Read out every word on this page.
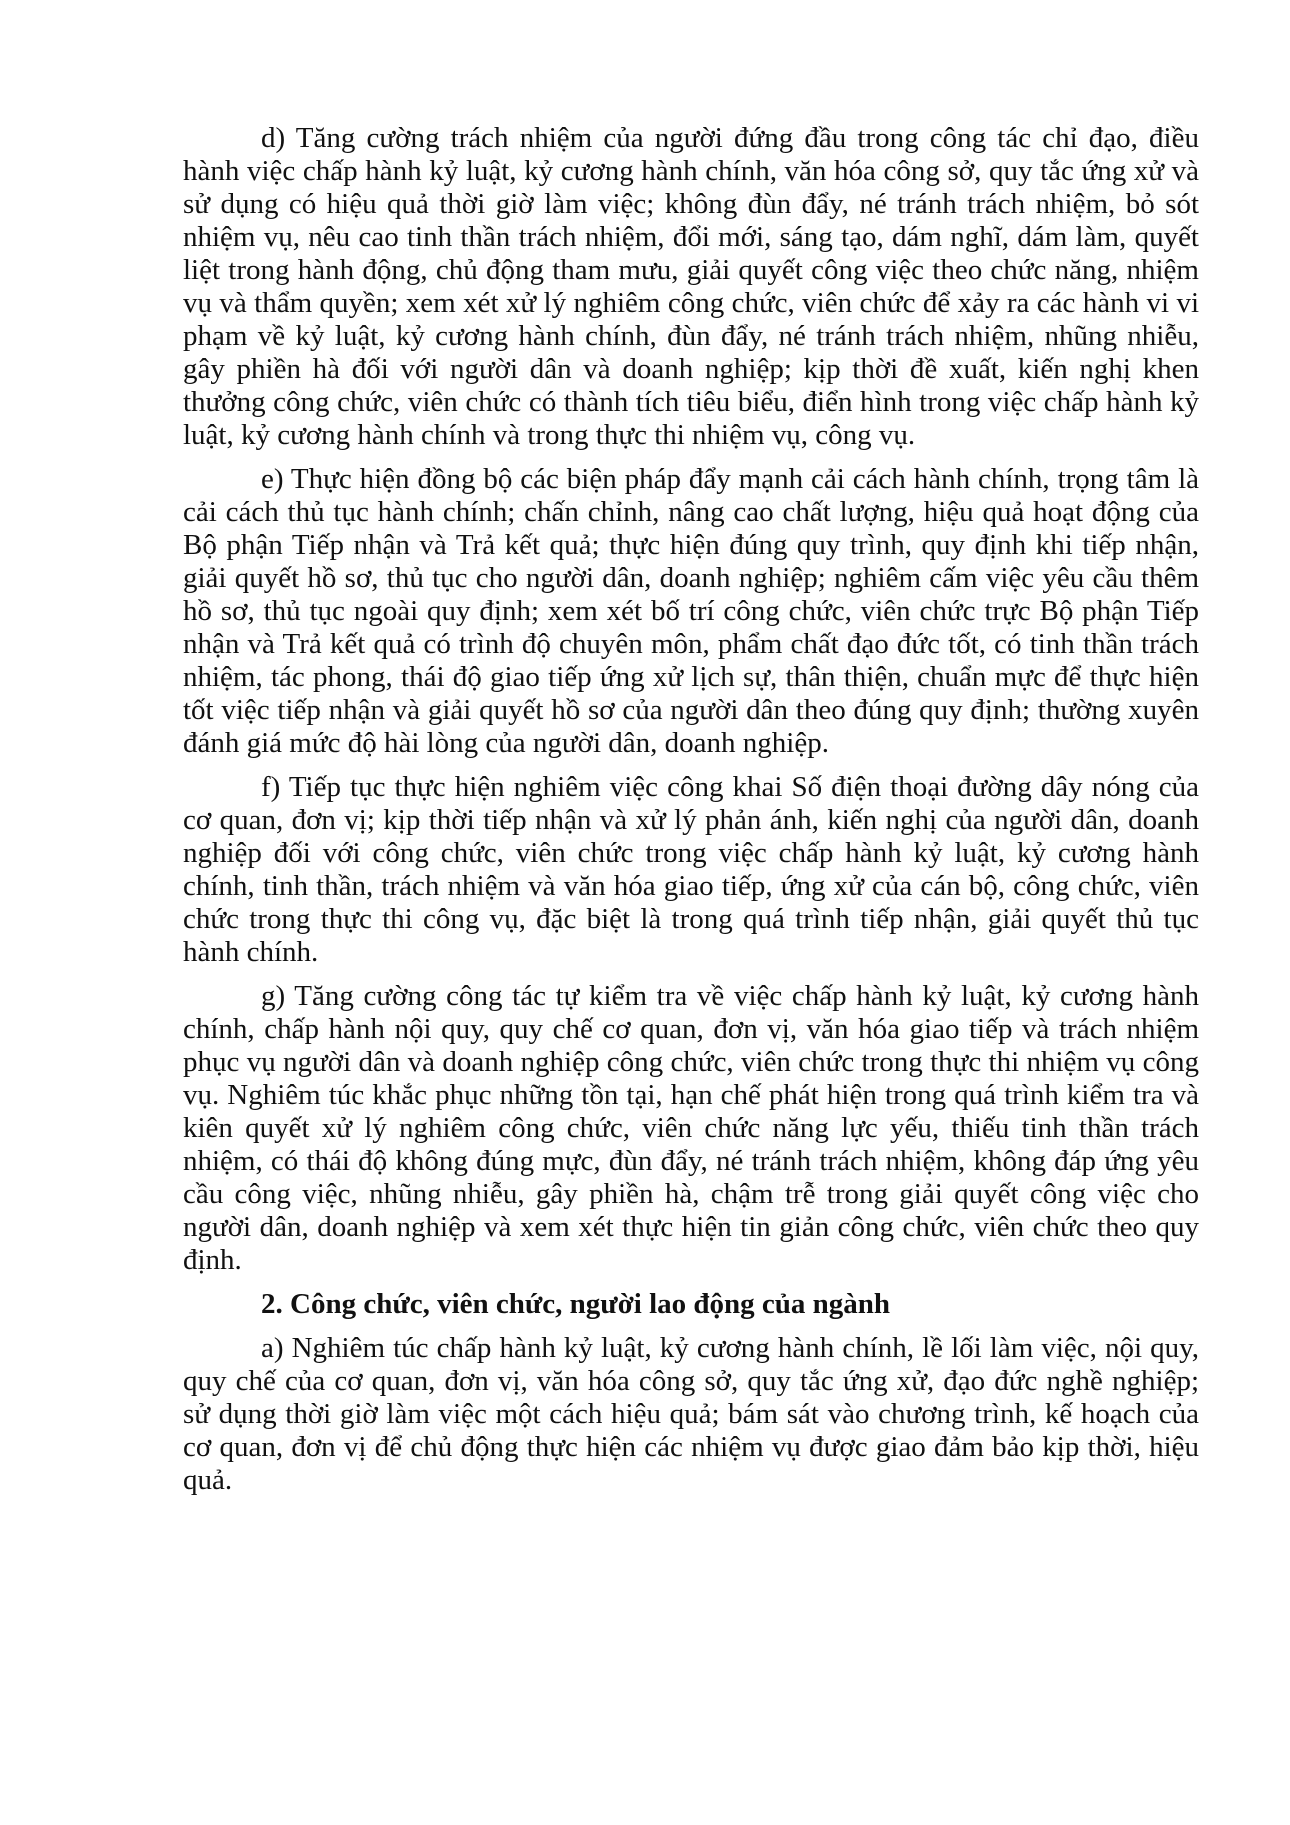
d) Tăng cường trách nhiệm của người đứng đầu trong công tác chỉ đạo, điều hành việc chấp hành kỷ luật, kỷ cương hành chính, văn hóa công sở, quy tắc ứng xử và sử dụng có hiệu quả thời giờ làm việc; không đùn đẩy, né tránh trách nhiệm, bỏ sót nhiệm vụ, nêu cao tinh thần trách nhiệm, đổi mới, sáng tạo, dám nghĩ, dám làm, quyết liệt trong hành động, chủ động tham mưu, giải quyết công việc theo chức năng, nhiệm vụ và thẩm quyền; xem xét xử lý nghiêm công chức, viên chức để xảy ra các hành vi vi phạm về kỷ luật, kỷ cương hành chính, đùn đẩy, né tránh trách nhiệm, nhũng nhiễu, gây phiền hà đối với người dân và doanh nghiệp; kịp thời đề xuất, kiến nghị khen thưởng công chức, viên chức có thành tích tiêu biểu, điển hình trong việc chấp hành kỷ luật, kỷ cương hành chính và trong thực thi nhiệm vụ, công vụ.

e) Thực hiện đồng bộ các biện pháp đẩy mạnh cải cách hành chính, trọng tâm là cải cách thủ tục hành chính; chấn chỉnh, nâng cao chất lượng, hiệu quả hoạt động của Bộ phận Tiếp nhận và Trả kết quả; thực hiện đúng quy trình, quy định khi tiếp nhận, giải quyết hồ sơ, thủ tục cho người dân, doanh nghiệp; nghiêm cấm việc yêu cầu thêm hồ sơ, thủ tục ngoài quy định; xem xét bố trí công chức, viên chức trực Bộ phận Tiếp nhận và Trả kết quả có trình độ chuyên môn, phẩm chất đạo đức tốt, có tinh thần trách nhiệm, tác phong, thái độ giao tiếp ứng xử lịch sự, thân thiện, chuẩn mực để thực hiện tốt việc tiếp nhận và giải quyết hồ sơ của người dân theo đúng quy định; thường xuyên đánh giá mức độ hài lòng của người dân, doanh nghiệp.

f) Tiếp tục thực hiện nghiêm việc công khai Số điện thoại đường dây nóng của cơ quan, đơn vị; kịp thời tiếp nhận và xử lý phản ánh, kiến nghị của người dân, doanh nghiệp đối với công chức, viên chức trong việc chấp hành kỷ luật, kỷ cương hành chính, tinh thần, trách nhiệm và văn hóa giao tiếp, ứng xử của cán bộ, công chức, viên chức trong thực thi công vụ, đặc biệt là trong quá trình tiếp nhận, giải quyết thủ tục hành chính.

g) Tăng cường công tác tự kiểm tra về việc chấp hành kỷ luật, kỷ cương hành chính, chấp hành nội quy, quy chế cơ quan, đơn vị, văn hóa giao tiếp và trách nhiệm phục vụ người dân và doanh nghiệp công chức, viên chức trong thực thi nhiệm vụ công vụ. Nghiêm túc khắc phục những tồn tại, hạn chế phát hiện trong quá trình kiểm tra và kiên quyết xử lý nghiêm công chức, viên chức năng lực yếu, thiếu tinh thần trách nhiệm, có thái độ không đúng mực, đùn đẩy, né tránh trách nhiệm, không đáp ứng yêu cầu công việc, nhũng nhiễu, gây phiền hà, chậm trễ trong giải quyết công việc cho người dân, doanh nghiệp và xem xét thực hiện tin giản công chức, viên chức theo quy định.

2. Công chức, viên chức, người lao động của ngành

a) Nghiêm túc chấp hành kỷ luật, kỷ cương hành chính, lề lối làm việc, nội quy, quy chế của cơ quan, đơn vị, văn hóa công sở, quy tắc ứng xử, đạo đức nghề nghiệp; sử dụng thời giờ làm việc một cách hiệu quả; bám sát vào chương trình, kế hoạch của cơ quan, đơn vị để chủ động thực hiện các nhiệm vụ được giao đảm bảo kịp thời, hiệu quả.
